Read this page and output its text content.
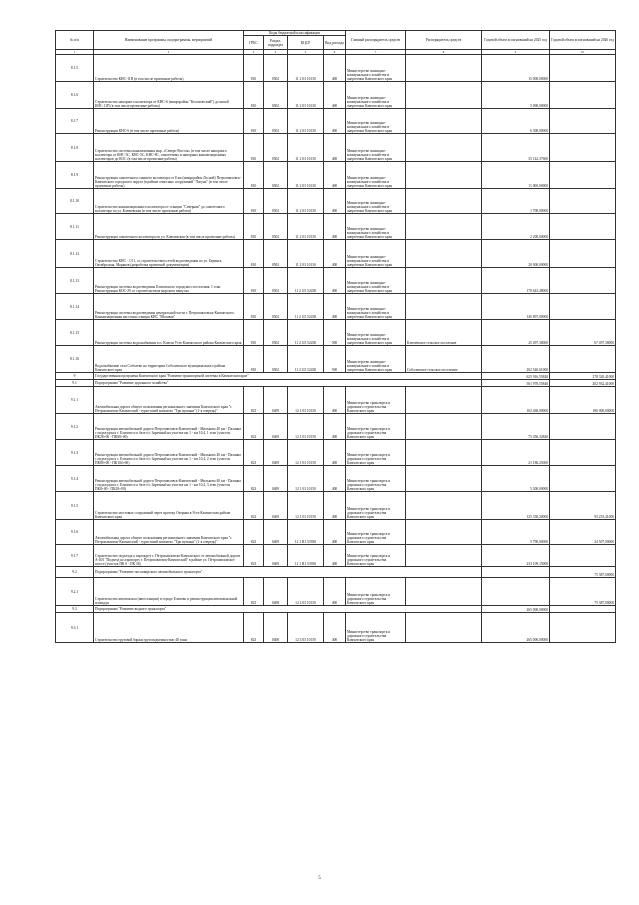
№ п/п	Наименование программы, подпрограммы, мероприятий	Коды бюджетной классификации				Главный распорядитель средств	Распорядитель средств	Годовой объем ассигнований на 2025 год	Годовой объем ассигнований на 2026 год
		ГРБС	Раздел, подраздел	КЦСР	Вид расхода				
1	2	3	4	5	6	7	8	9	10
8.1.5	Строительство КНС-11П (в том числе проектные работы)	810	0502	11 2 03 10130	400	Министерство жилищно-коммунального хозяйства и энергетики Камчатского края		15 000,00000	
8.1.6	Строительство напорного коллектора от КНС-6 (микрорайон "Космический") до новой КНС-11П (в том числе проектные работы)	810	0502	11 2 03 10130	400	Министерство жилищно-коммунального хозяйства и энергетики Камчатского края		5 000,00000	
8.1.7	Реконструкция КНС-6 (в том числе проектные работы)	810	0502	11 2 03 10130	400	Министерство жилищно-коммунального хозяйства и энергетики Камчатского края		6 300,00000	
8.1.8	Строительство системы канализования мкр. «Северо-Восток» (в том числе напорного коллектора от КНС-3С, КНС-5С, КНС-8С, самотечных и напорных канализационных коллекторов до КОС (в том числе проектные работы)	810	0502	11 2 03 10130	400	Министерство жилищно-коммунального хозяйства и энергетики Камчатского края		35 142,37600	
8.1.9	Реконструкция самотечного главного коллектора от 8 км (микрорайон Лесной) Петропавловск-Камчатского городского округа (в районе очистных сооружений "Лагуна" (в том числе проектные работы)	810	0502	11 2 03 10130	400	Министерство жилищно-коммунального хозяйства и энергетики Камчатского края		11 000,00000	
8.1.10	Строительство канализационного коллектора от станции "Северная" до самотечного коллектора по ул. Ключевская (в том числе проектные работы)	810	0502	11 2 03 10130	400	Министерство жилищно-коммунального хозяйства и энергетики Камчатского края		1 700,00000	
8.1.11	Реконструкция самотечного коллектора по ул. Ключевская (в том числе проектные работы)	810	0502	11 2 03 10130	400	Министерство жилищно-коммунального хозяйства и энергетики Камчатского края		2 200,00000	
8.1.12	Строительство КНС - 1/11, со строительством сетей водоотведения по ул. Беринга, Октябрьская, Моряков (разработка проектной документации)	810	0502	11 2 03 10130	400	Министерство жилищно-коммунального хозяйства и энергетики Камчатского края		20 000,00000	
8.1.13	Реконструкция системы водоотведения Елизовского городского поселения. 1 этап. Реконструкция КОС-29 со строительством морского выпуска	810	0502	11 2 G5 52430	400	Министерство жилищно-коммунального хозяйства и энергетики Камчатского края		170 643,48000	
8.1.14	Реконструкция системы водоотведения центральной части г. Петропавловска-Камчатского. Канализационная насосная станция КНС "Моховая"	810	0502	11 2 G5 52430	400	Министерство жилищно-коммунального хозяйства и энергетики Камчатского края		140 897,00000	
8.1.15	Реконструкция системы водоснабжения в п. Ключи Усть-Камчатского района Камчатского края	810	0502	11 2 G5 52430	500	Министерство жилищно-коммунального хозяйства и энергетики Камчатского края	Ключевское сельское поселение	25 497,38000	67 497,38000
8.1.16	Водоснабжение села Соболево на территории Соболевского муниципального района Камчатского края	810	0502	11 2 G5 52430	500	Министерство жилищно-коммунального хозяйства и энергетики Камчатского края	Соболевское сельское поселение	202 540,61000	
9	Государственная программа Камчатского края "Развитие транспортной системы в Камчатском крае"							625 916,55840	278 320,41000
9.1	Подпрограмма "Развитие дорожного хозяйства"							561 978,55840	202 932,41000
9.1.1	Автомобильная дорога общего пользования регионального значения Камчатского края "г. Петропавловск-Камчатский - туристский комплекс "Три вулкана" (1-я очередь)"	823	0409	12 1 03 10150	400	Министерство транспорта и дорожного строительства Камчатского края		102 460,00000	186 000,00000
9.1.2	Реконструкция автомобильной дороги Петропавловск-Камчатский - Мильково 40 км - Паланка с подъездом к г. Елизово и к базе о/с Заречный на участке км 1 - км 10,4, 1 этап (участок ПК28+00 - ПК80+00)	823	0409	12 1 03 10150	400	Министерство транспорта и дорожного строительства Камчатского края		75 456,32840	
9.1.3	Реконструкция автомобильной дороги Петропавловск-Камчатский - Мильково 40 км - Паланка с подъездом к г. Елизово и к базе о/с Заречный на участке км 1 - км 10,4, 2 этап (участок ПК80+00 - ПК104+00)	823	0409	12 1 03 10150	400	Министерство транспорта и дорожного строительства Камчатского края		21 186,25000	
9.1.4	Реконструкция автомобильной дороги Петропавловск-Камчатский - Мильково 40 км - Паланка с подъездом к г. Елизово и к базе о/с Заречный на участке км 1 - км 10,4, 3 этап (участок ПК0+00 - ПК28+00)	823	0409	12 1 03 10150	400	Министерство транспорта и дорожного строительства Камчатского края		5 300,00000	
9.1.5	Строительство мостовых сооружений через протоку Озерная в Усть-Камчатском районе Камчатского края	823	0409	12 1 03 10150	400	Министерство транспорта и дорожного строительства Камчатского края		125 358,20000	95 253,41000
9.1.6	Автомобильная дорога общего пользования регионального значения Камчатского края "г. Петропавловск-Камчатский - туристский комплекс "Три вулкана" (1-я очередь)"	823	0409	12 1 R1 53930	400	Министерство транспорта и дорожного строительства Камчатского края		5 790,00000	24 507,00000
9.1.7	Строительство подъезда к аэропорту г. Петропавловска-Камчатского от автомобильной дороги А-401 "Подъезд ко аэропорту г. Петропавловск-Камчатский" в районе ул. Петропавловское шоссе (участок ПК 0 - ПК 36)	823	0409	12 1 R1 53930	400	Министерство транспорта и дорожного строительства Камчатского края		233 109,15000	
9.2	Подпрограмма "Развитие пассажирского автомобильного транспорта"								75 387,00000
9.2.1	Строительство автовокзала (автостанции) в городе Елизово и реконструкция автовокзальной площади	823	0408	12 2 03 10150	400	Министерство транспорта и дорожного строительства Камчатского края			75 387,00000
9.3	Подпрограмма "Развитие водного транспорта"							265 000,00000	
9.3.1	Строительство грузовой баржи грузоподъемностью 40 тонн	823	0408	12 3 03 10150	400	Министерство транспорта и дорожного строительства Камчатского края		265 000,00000	
5
